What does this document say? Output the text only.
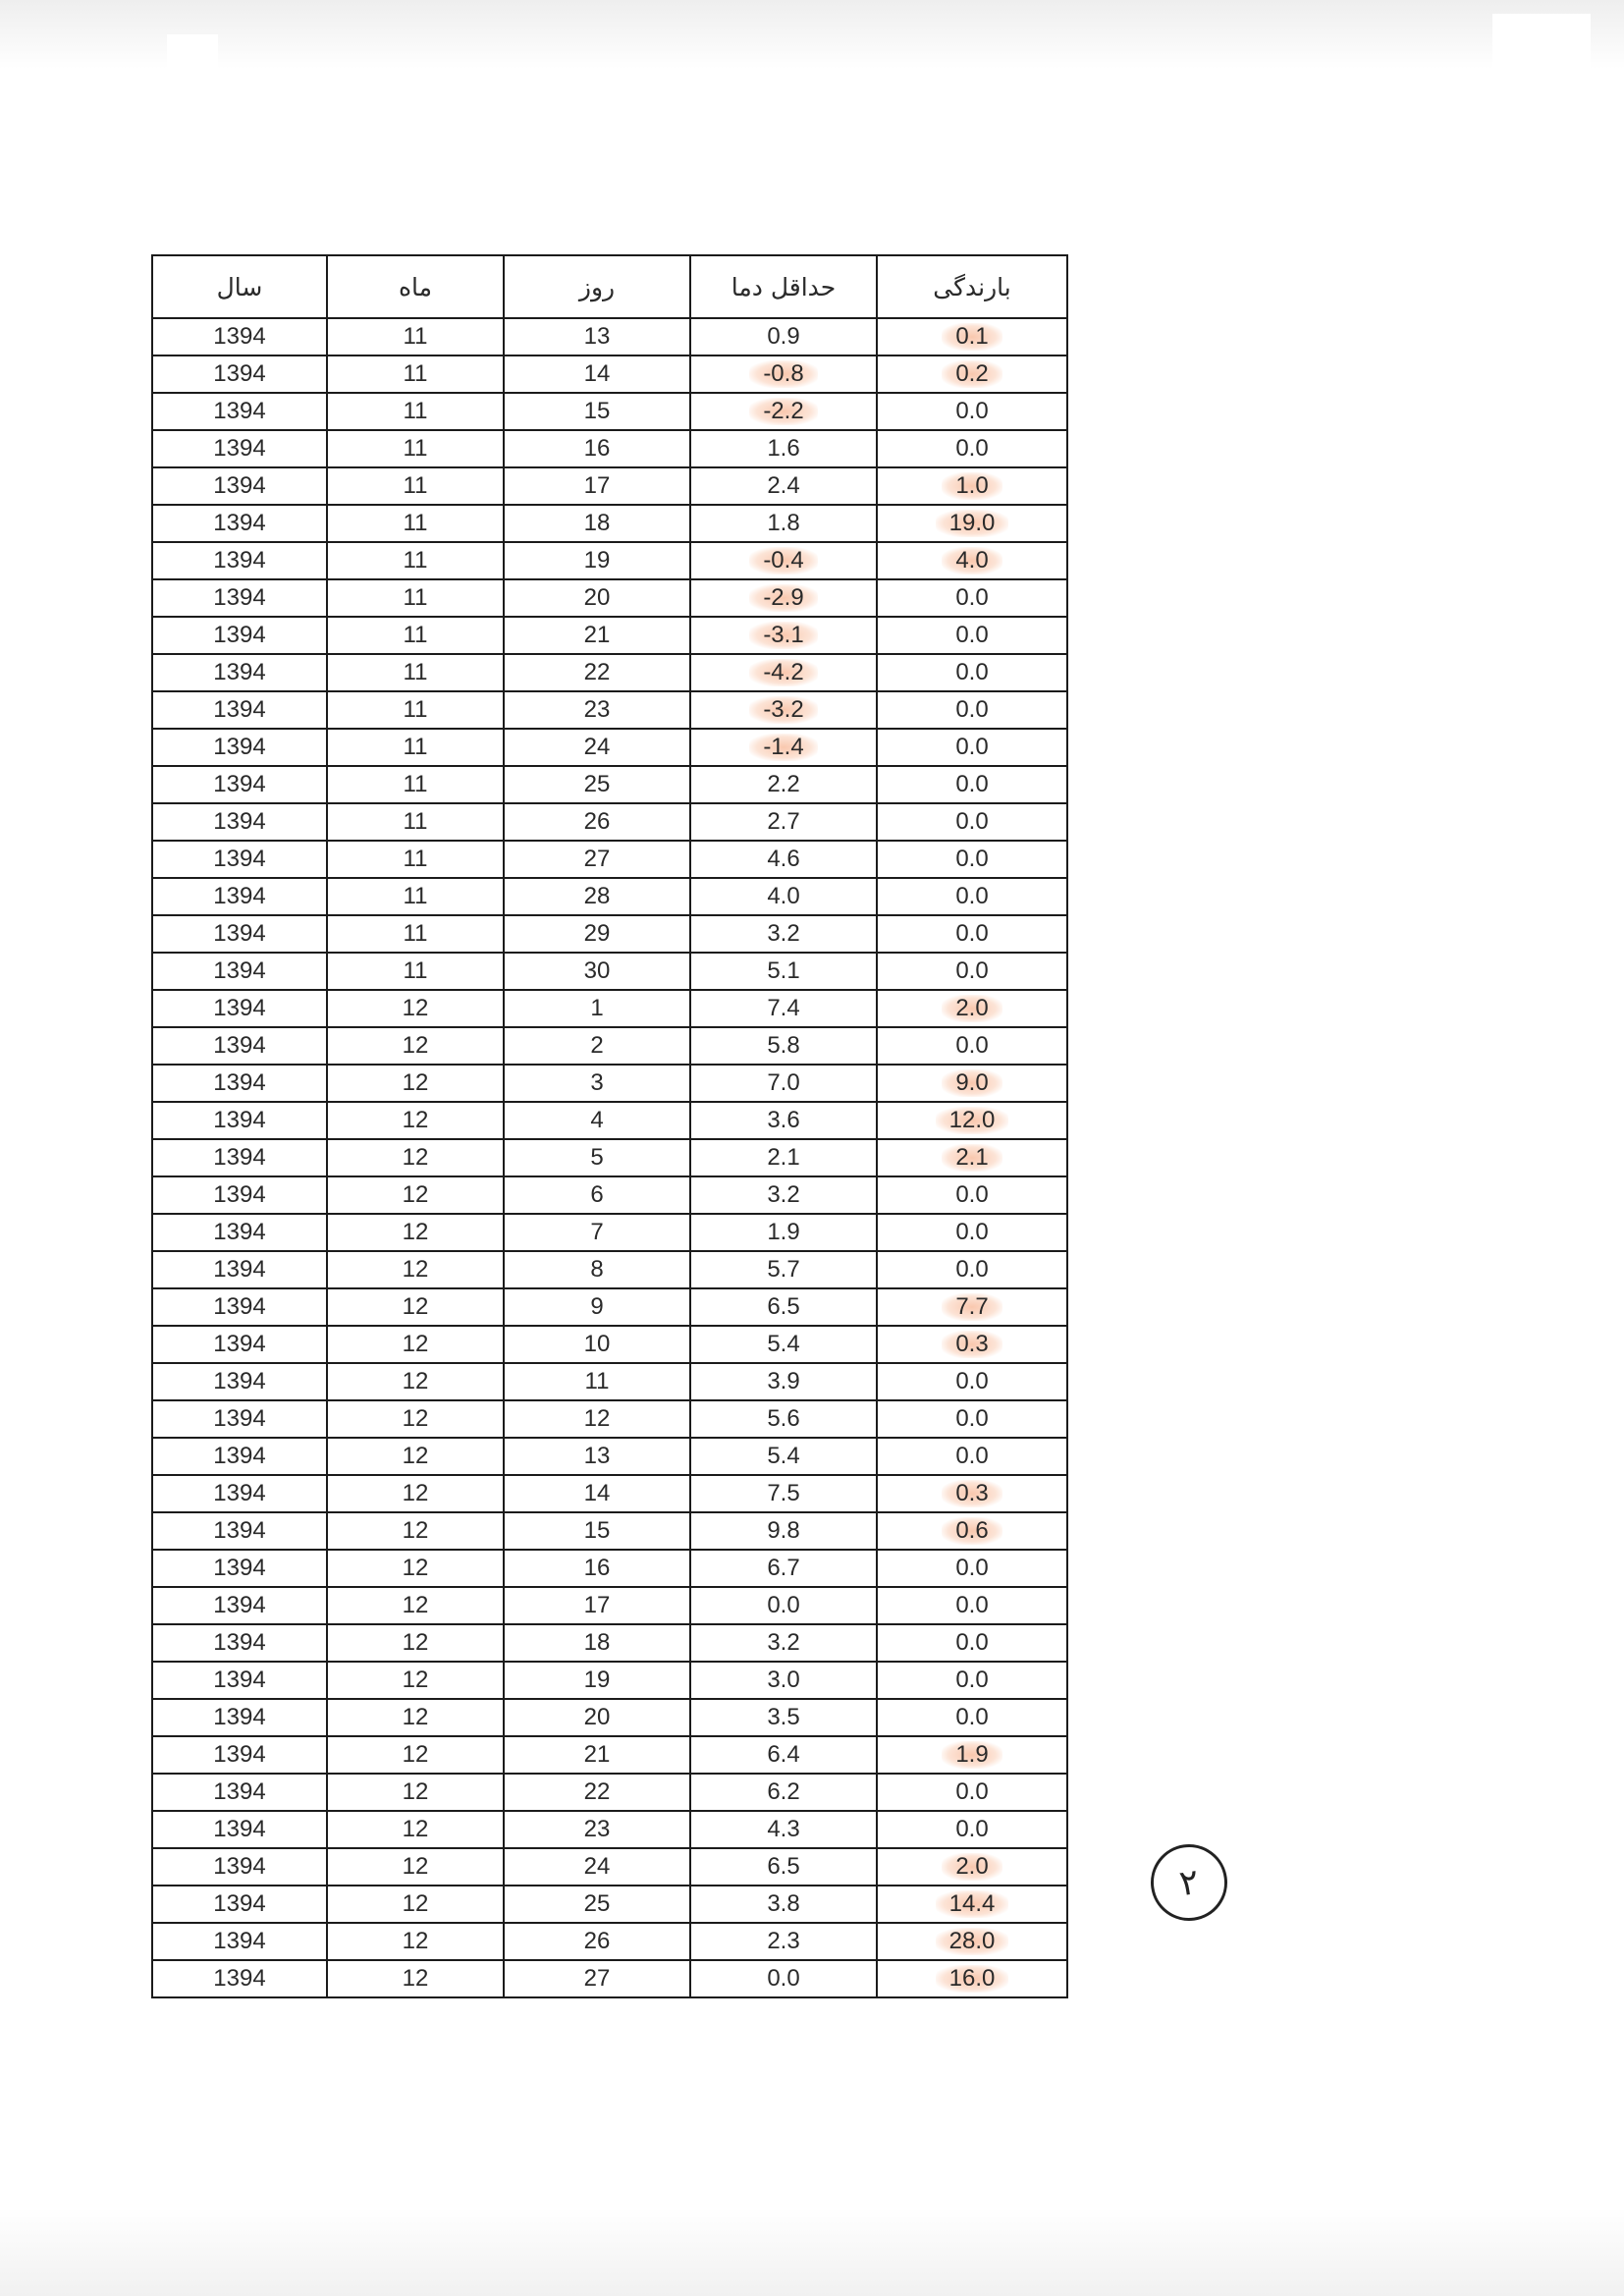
سال	ماه	روز	حداقل دما	بارندگی
1394	11	13	0.9	0.1
1394	11	14	-0.8	0.2
1394	11	15	-2.2	0.0
1394	11	16	1.6	0.0
1394	11	17	2.4	1.0
1394	11	18	1.8	19.0
1394	11	19	-0.4	4.0
1394	11	20	-2.9	0.0
1394	11	21	-3.1	0.0
1394	11	22	-4.2	0.0
1394	11	23	-3.2	0.0
1394	11	24	-1.4	0.0
1394	11	25	2.2	0.0
1394	11	26	2.7	0.0
1394	11	27	4.6	0.0
1394	11	28	4.0	0.0
1394	11	29	3.2	0.0
1394	11	30	5.1	0.0
1394	12	1	7.4	2.0
1394	12	2	5.8	0.0
1394	12	3	7.0	9.0
1394	12	4	3.6	12.0
1394	12	5	2.1	2.1
1394	12	6	3.2	0.0
1394	12	7	1.9	0.0
1394	12	8	5.7	0.0
1394	12	9	6.5	7.7
1394	12	10	5.4	0.3
1394	12	11	3.9	0.0
1394	12	12	5.6	0.0
1394	12	13	5.4	0.0
1394	12	14	7.5	0.3
1394	12	15	9.8	0.6
1394	12	16	6.7	0.0
1394	12	17	0.0	0.0
1394	12	18	3.2	0.0
1394	12	19	3.0	0.0
1394	12	20	3.5	0.0
1394	12	21	6.4	1.9
1394	12	22	6.2	0.0
1394	12	23	4.3	0.0
1394	12	24	6.5	2.0
1394	12	25	3.8	14.4
1394	12	26	2.3	28.0
1394	12	27	0.0	16.0
۲
